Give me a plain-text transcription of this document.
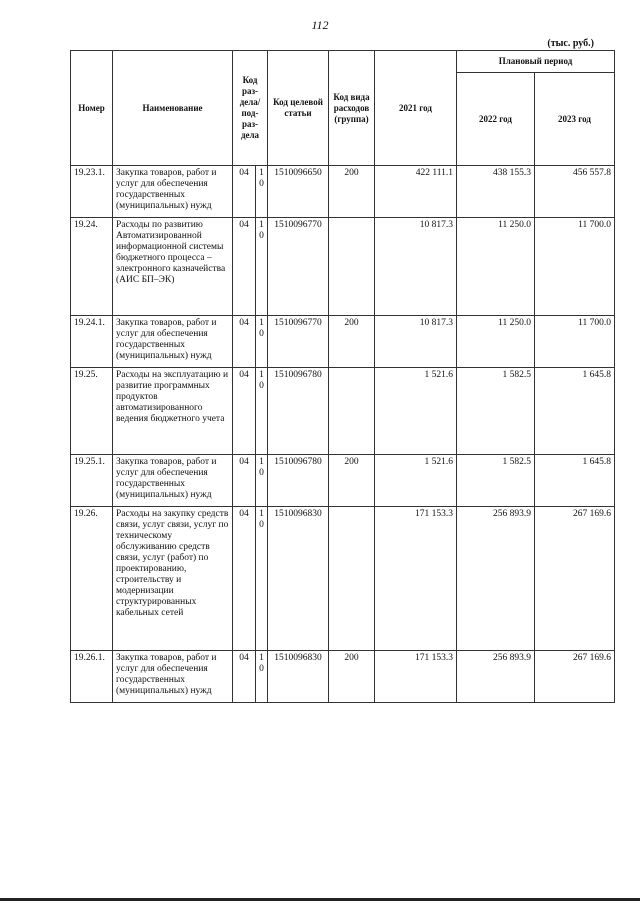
112
(тыс. руб.)
Номер	Наименование	Код раз-дела/ под-раз-дела		Код целевой статьи	Код вида расходов (группа)	2021 год	Плановый период	
							2022 год	2023 год
19.23.1.	Закупка товаров, работ и услуг для обеспечения государственных (муниципальных) нужд	04	10	1510096650	200	422 111.1	438 155.3	456 557.8
19.24.	Расходы по развитию Автоматизированной информационной системы бюджетного процесса – электронного казначейства (АИС БП–ЭК)	04	10	1510096770		10 817.3	11 250.0	11 700.0
19.24.1.	Закупка товаров, работ и услуг для обеспечения государственных (муниципальных) нужд	04	10	1510096770	200	10 817.3	11 250.0	11 700.0
19.25.	Расходы на эксплуатацию и развитие программных продуктов автоматизированного ведения бюджетного учета	04	10	1510096780		1 521.6	1 582.5	1 645.8
19.25.1.	Закупка товаров, работ и услуг для обеспечения государственных (муниципальных) нужд	04	10	1510096780	200	1 521.6	1 582.5	1 645.8
19.26.	Расходы на закупку средств связи, услуг связи, услуг по техническому обслуживанию средств связи, услуг (работ) по проектированию, строительству и модернизации структурированных кабельных сетей	04	10	1510096830		171 153.3	256 893.9	267 169.6
19.26.1.	Закупка товаров, работ и услуг для обеспечения государственных (муниципальных) нужд	04	10	1510096830	200	171 153.3	256 893.9	267 169.6
